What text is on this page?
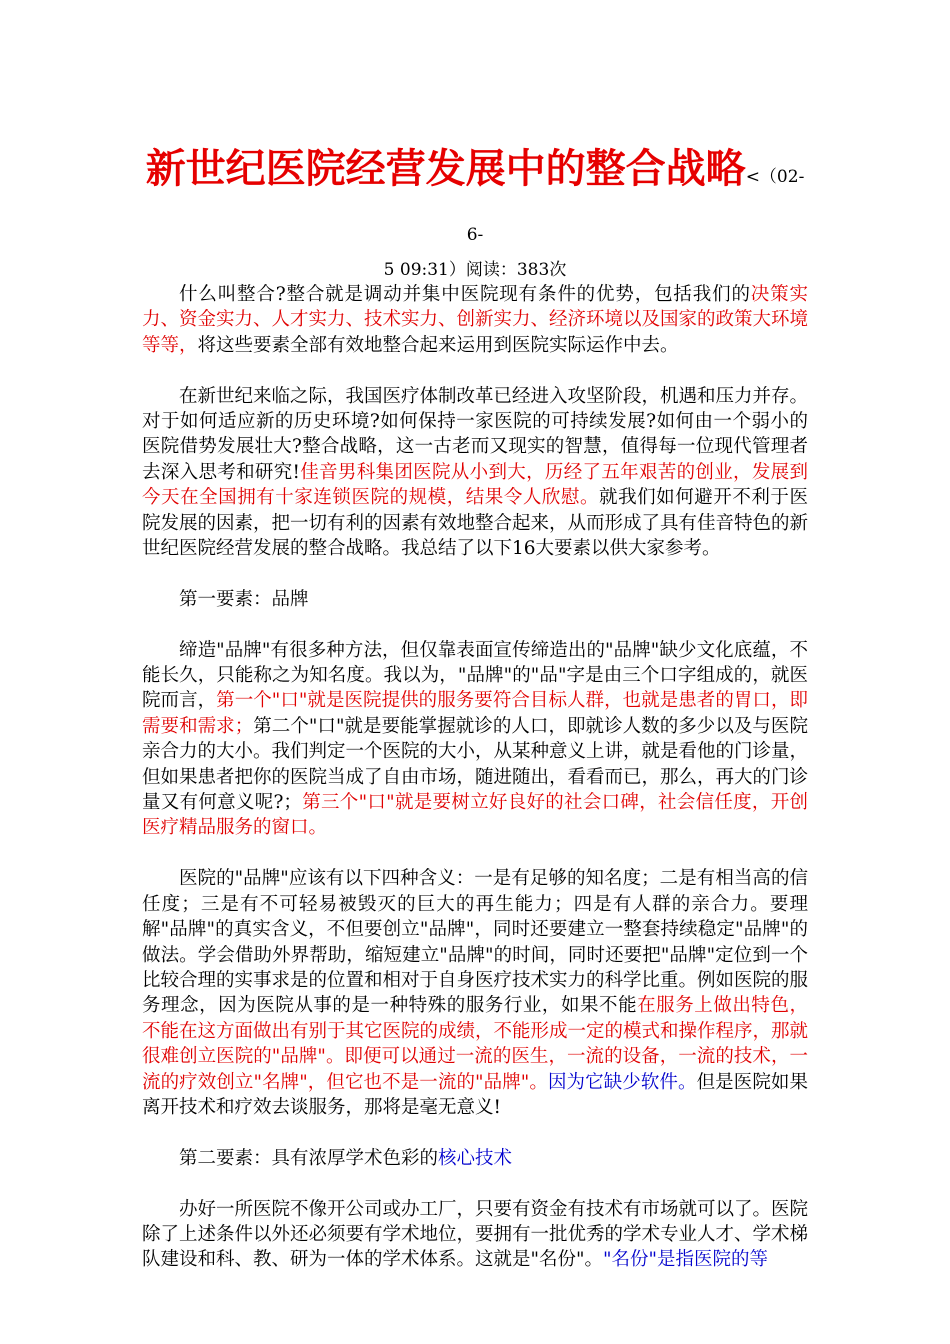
新世纪医院经营发展中的整合战略<（02-6-
5 09:31）阅读：383次

什么叫整合?整合就是调动并集中医院现有条件的优势，包括我们的决策实力、资金实力、人才实力、技术实力、创新实力、经济环境以及国家的政策大环境等等，将这些要素全部有效地整合起来运用到医院实际运作中去。

在新世纪来临之际，我国医疗体制改革已经进入攻坚阶段，机遇和压力并存。对于如何适应新的历史环境?如何保持一家医院的可持续发展?如何由一个弱小的医院借势发展壮大?整合战略，这一古老而又现实的智慧，值得每一位现代管理者去深入思考和研究!佳音男科集团医院从小到大，历经了五年艰苦的创业，发展到今天在全国拥有十家连锁医院的规模，结果令人欣慰。就我们如何避开不利于医院发展的因素，把一切有利的因素有效地整合起来，从而形成了具有佳音特色的新世纪医院经营发展的整合战略。我总结了以下16大要素以供大家参考。

第一要素：品牌

缔造"品牌"有很多种方法，但仅靠表面宣传缔造出的"品牌"缺少文化底蕴，不能长久，只能称之为知名度。我以为，"品牌"的"品"字是由三个口字组成的，就医院而言，第一个"口"就是医院提供的服务要符合目标人群，也就是患者的胃口，即需要和需求；第二个"口"就是要能掌握就诊的人口，即就诊人数的多少以及与医院亲合力的大小。我们判定一个医院的大小，从某种意义上讲，就是看他的门诊量，但如果患者把你的医院当成了自由市场，随进随出，看看而已，那么，再大的门诊量又有何意义呢?；第三个"口"就是要树立好良好的社会口碑，社会信任度，开创医疗精品服务的窗口。

医院的"品牌"应该有以下四种含义：一是有足够的知名度；二是有相当高的信任度；三是有不可轻易被毁灭的巨大的再生能力；四是有人群的亲合力。要理解"品牌"的真实含义，不但要创立"品牌"，同时还要建立一整套持续稳定"品牌"的做法。学会借助外界帮助，缩短建立"品牌"的时间，同时还要把"品牌"定位到一个比较合理的实事求是的位置和相对于自身医疗技术实力的科学比重。例如医院的服务理念，因为医院从事的是一种特殊的服务行业，如果不能在服务上做出特色，不能在这方面做出有别于其它医院的成绩，不能形成一定的模式和操作程序，那就很难创立医院的"品牌"。即便可以通过一流的医生，一流的设备，一流的技术，一流的疗效创立"名牌"，但它也不是一流的"品牌"。因为它缺少软件。但是医院如果离开技术和疗效去谈服务，那将是毫无意义!

第二要素：具有浓厚学术色彩的核心技术

办好一所医院不像开公司或办工厂，只要有资金有技术有市场就可以了。医院除了上述条件以外还必须要有学术地位，要拥有一批优秀的学术专业人才、学术梯队建设和科、教、研为一体的学术体系。这就是"名份"。"名份"是指医院的等
